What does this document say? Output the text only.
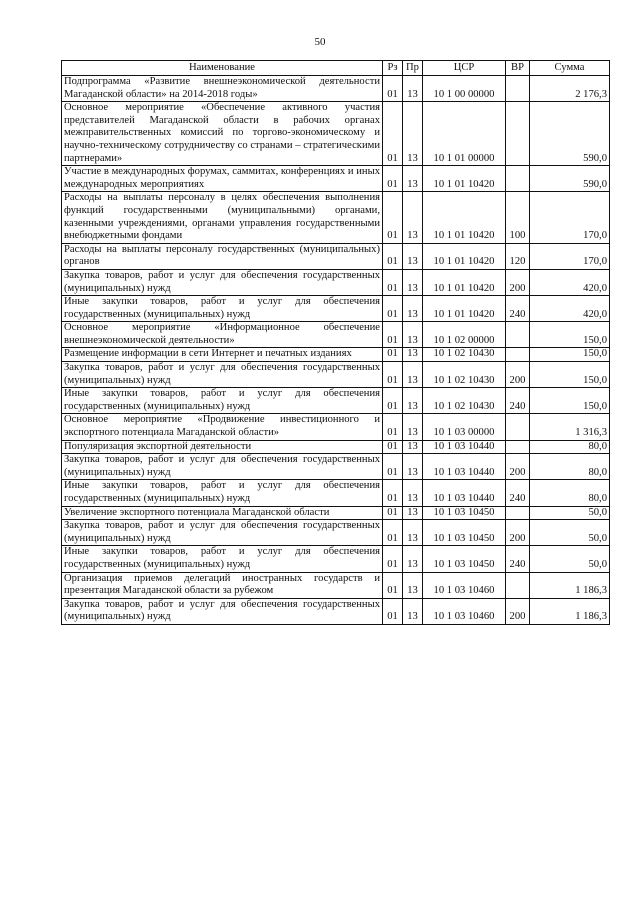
50
Наименование	Рз	Пр	ЦСР	ВР	Сумма
Подпрограмма «Развитие внешнеэкономической деятельности Магаданской области» на 2014-2018 годы»	01	13	10 1 00 00000		2 176,3
Основное мероприятие «Обеспечение активного участия представителей Магаданской области в рабочих органах межправительственных комиссий по торгово-экономическому и научно-техническому сотрудничеству со странами – стратегическими партнерами»	01	13	10 1 01 00000		590,0
Участие в международных форумах, саммитах, конференциях и иных международных мероприятиях	01	13	10 1 01 10420		590,0
Расходы на выплаты персоналу в целях обеспечения выполнения функций государственными (муниципальными) органами, казенными учреждениями, органами управления государственными внебюджетными фондами	01	13	10 1 01 10420	100	170,0
Расходы на выплаты персоналу государственных (муниципальных) органов	01	13	10 1 01 10420	120	170,0
Закупка товаров, работ и услуг для обеспечения государственных (муниципальных) нужд	01	13	10 1 01 10420	200	420,0
Иные закупки товаров, работ и услуг для обеспечения государственных (муниципальных) нужд	01	13	10 1 01 10420	240	420,0
Основное мероприятие «Информационное обеспечение внешнеэкономической деятельности»	01	13	10 1 02 00000		150,0
Размещение информации в сети Интернет и печатных изданиях	01	13	10 1 02 10430		150,0
Закупка товаров, работ и услуг для обеспечения государственных (муниципальных) нужд	01	13	10 1 02 10430	200	150,0
Иные закупки товаров, работ и услуг для обеспечения государственных (муниципальных) нужд	01	13	10 1 02 10430	240	150,0
Основное мероприятие «Продвижение инвестиционного и экспортного потенциала Магаданской области»	01	13	10 1 03 00000		1 316,3
Популяризация экспортной деятельности	01	13	10 1 03 10440		80,0
Закупка товаров, работ и услуг для обеспечения государственных (муниципальных) нужд	01	13	10 1 03 10440	200	80,0
Иные закупки товаров, работ и услуг для обеспечения государственных (муниципальных) нужд	01	13	10 1 03 10440	240	80,0
Увеличение экспортного потенциала Магаданской области	01	13	10 1 03 10450		50,0
Закупка товаров, работ и услуг для обеспечения государственных (муниципальных) нужд	01	13	10 1 03 10450	200	50,0
Иные закупки товаров, работ и услуг для обеспечения государственных (муниципальных) нужд	01	13	10 1 03 10450	240	50,0
Организация приемов делегаций иностранных государств и презентация Магаданской области за рубежом	01	13	10 1 03 10460		1 186,3
Закупка товаров, работ и услуг для обеспечения государственных (муниципальных) нужд	01	13	10 1 03 10460	200	1 186,3
